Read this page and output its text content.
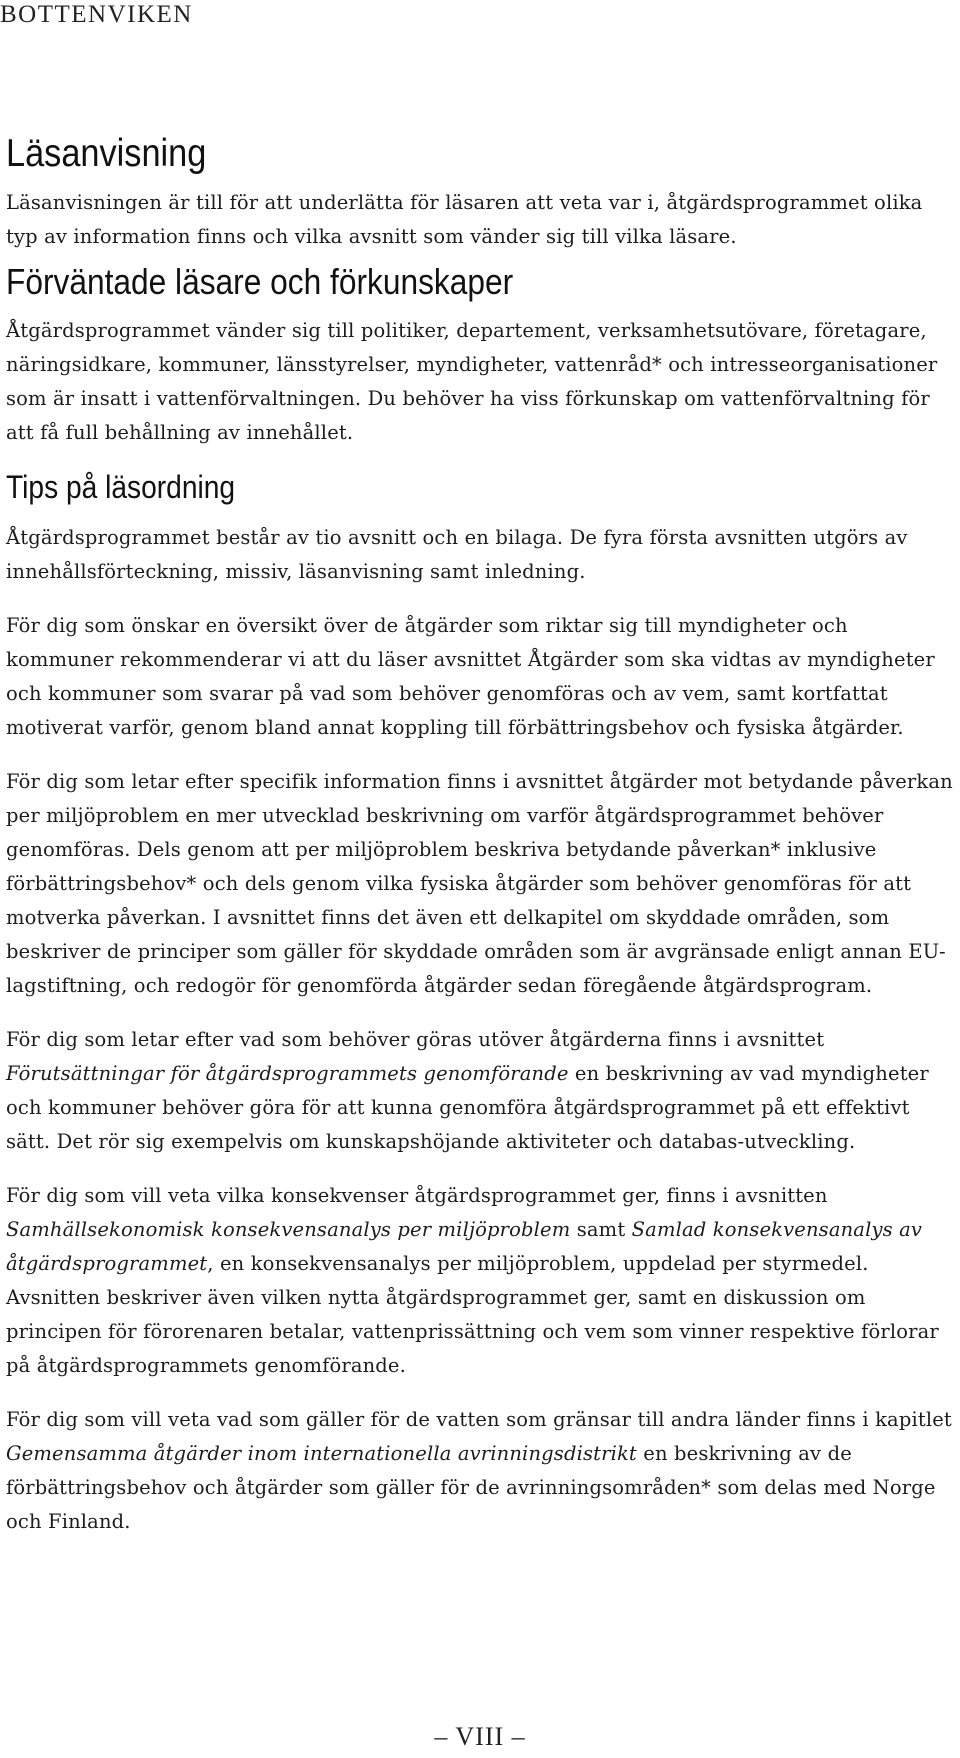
BOTTENVIKEN
Läsanvisning

Läsanvisningen är till för att underlätta för läsaren att veta var i, åtgärdsprogrammet olika typ av information finns och vilka avsnitt som vänder sig till vilka läsare.

Förväntade läsare och förkunskaper

Åtgärdsprogrammet vänder sig till politiker, departement, verksamhetsutövare, företagare, näringsidkare, kommuner, länsstyrelser, myndigheter, vattenråd* och intresseorganisationer som är insatt i vattenförvaltningen. Du behöver ha viss förkunskap om vattenförvaltning för att få full behållning av innehållet.

Tips på läsordning

Åtgärdsprogrammet består av tio avsnitt och en bilaga. De fyra första avsnitten utgörs av innehållsförteckning, missiv, läsanvisning samt inledning.

För dig som önskar en översikt över de åtgärder som riktar sig till myndigheter och kommuner rekommenderar vi att du läser avsnittet Åtgärder som ska vidtas av myndigheter och kommuner som svarar på vad som behöver genomföras och av vem, samt kortfattat motiverat varför, genom bland annat koppling till förbättringsbehov och fysiska åtgärder.

För dig som letar efter specifik information finns i avsnittet åtgärder mot betydande påverkan per miljöproblem en mer utvecklad beskrivning om varför åtgärdsprogrammet behöver genomföras. Dels genom att per miljöproblem beskriva betydande påverkan* inklusive förbättringsbehov* och dels genom vilka fysiska åtgärder som behöver genomföras för att motverka påverkan. I avsnittet finns det även ett delkapitel om skyddade områden, som beskriver de principer som gäller för skyddade områden som är avgränsade enligt annan EU-lagstiftning, och redogör för genomförda åtgärder sedan föregående åtgärdsprogram.

För dig som letar efter vad som behöver göras utöver åtgärderna finns i avsnittet Förutsättningar för åtgärdsprogrammets genomförande en beskrivning av vad myndigheter och kommuner behöver göra för att kunna genomföra åtgärdsprogrammet på ett effektivt sätt. Det rör sig exempelvis om kunskapshöjande aktiviteter och databas-utveckling.

För dig som vill veta vilka konsekvenser åtgärdsprogrammet ger, finns i avsnitten Samhällsekonomisk konsekvensanalys per miljöproblem samt Samlad konsekvensanalys av åtgärdsprogrammet, en konsekvensanalys per miljöproblem, uppdelad per styrmedel. Avsnitten beskriver även vilken nytta åtgärdsprogrammet ger, samt en diskussion om principen för förorenaren betalar, vattenprissättning och vem som vinner respektive förlorar på åtgärdsprogrammets genomförande.

För dig som vill veta vad som gäller för de vatten som gränsar till andra länder finns i kapitlet Gemensamma åtgärder inom internationella avrinningsdistrikt en beskrivning av de förbättringsbehov och åtgärder som gäller för de avrinningsområden* som delas med Norge och Finland.

– VIII –
